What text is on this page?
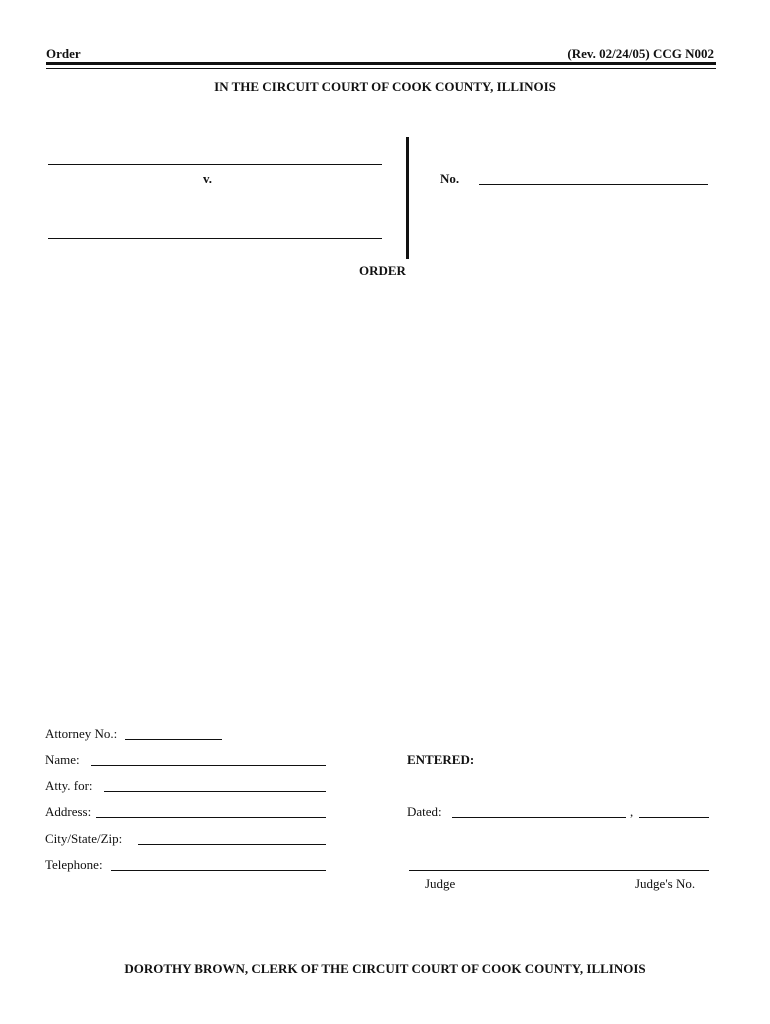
Order	(Rev. 02/24/05) CCG N002
IN THE CIRCUIT COURT OF COOK COUNTY, ILLINOIS
v.	No.
ORDER
Attorney No.:
Name:
Atty. for:
Address:
City/State/Zip:
Telephone:
ENTERED:
Dated:	,
Judge	Judge's No.
DOROTHY BROWN, CLERK OF THE CIRCUIT COURT OF COOK COUNTY, ILLINOIS
